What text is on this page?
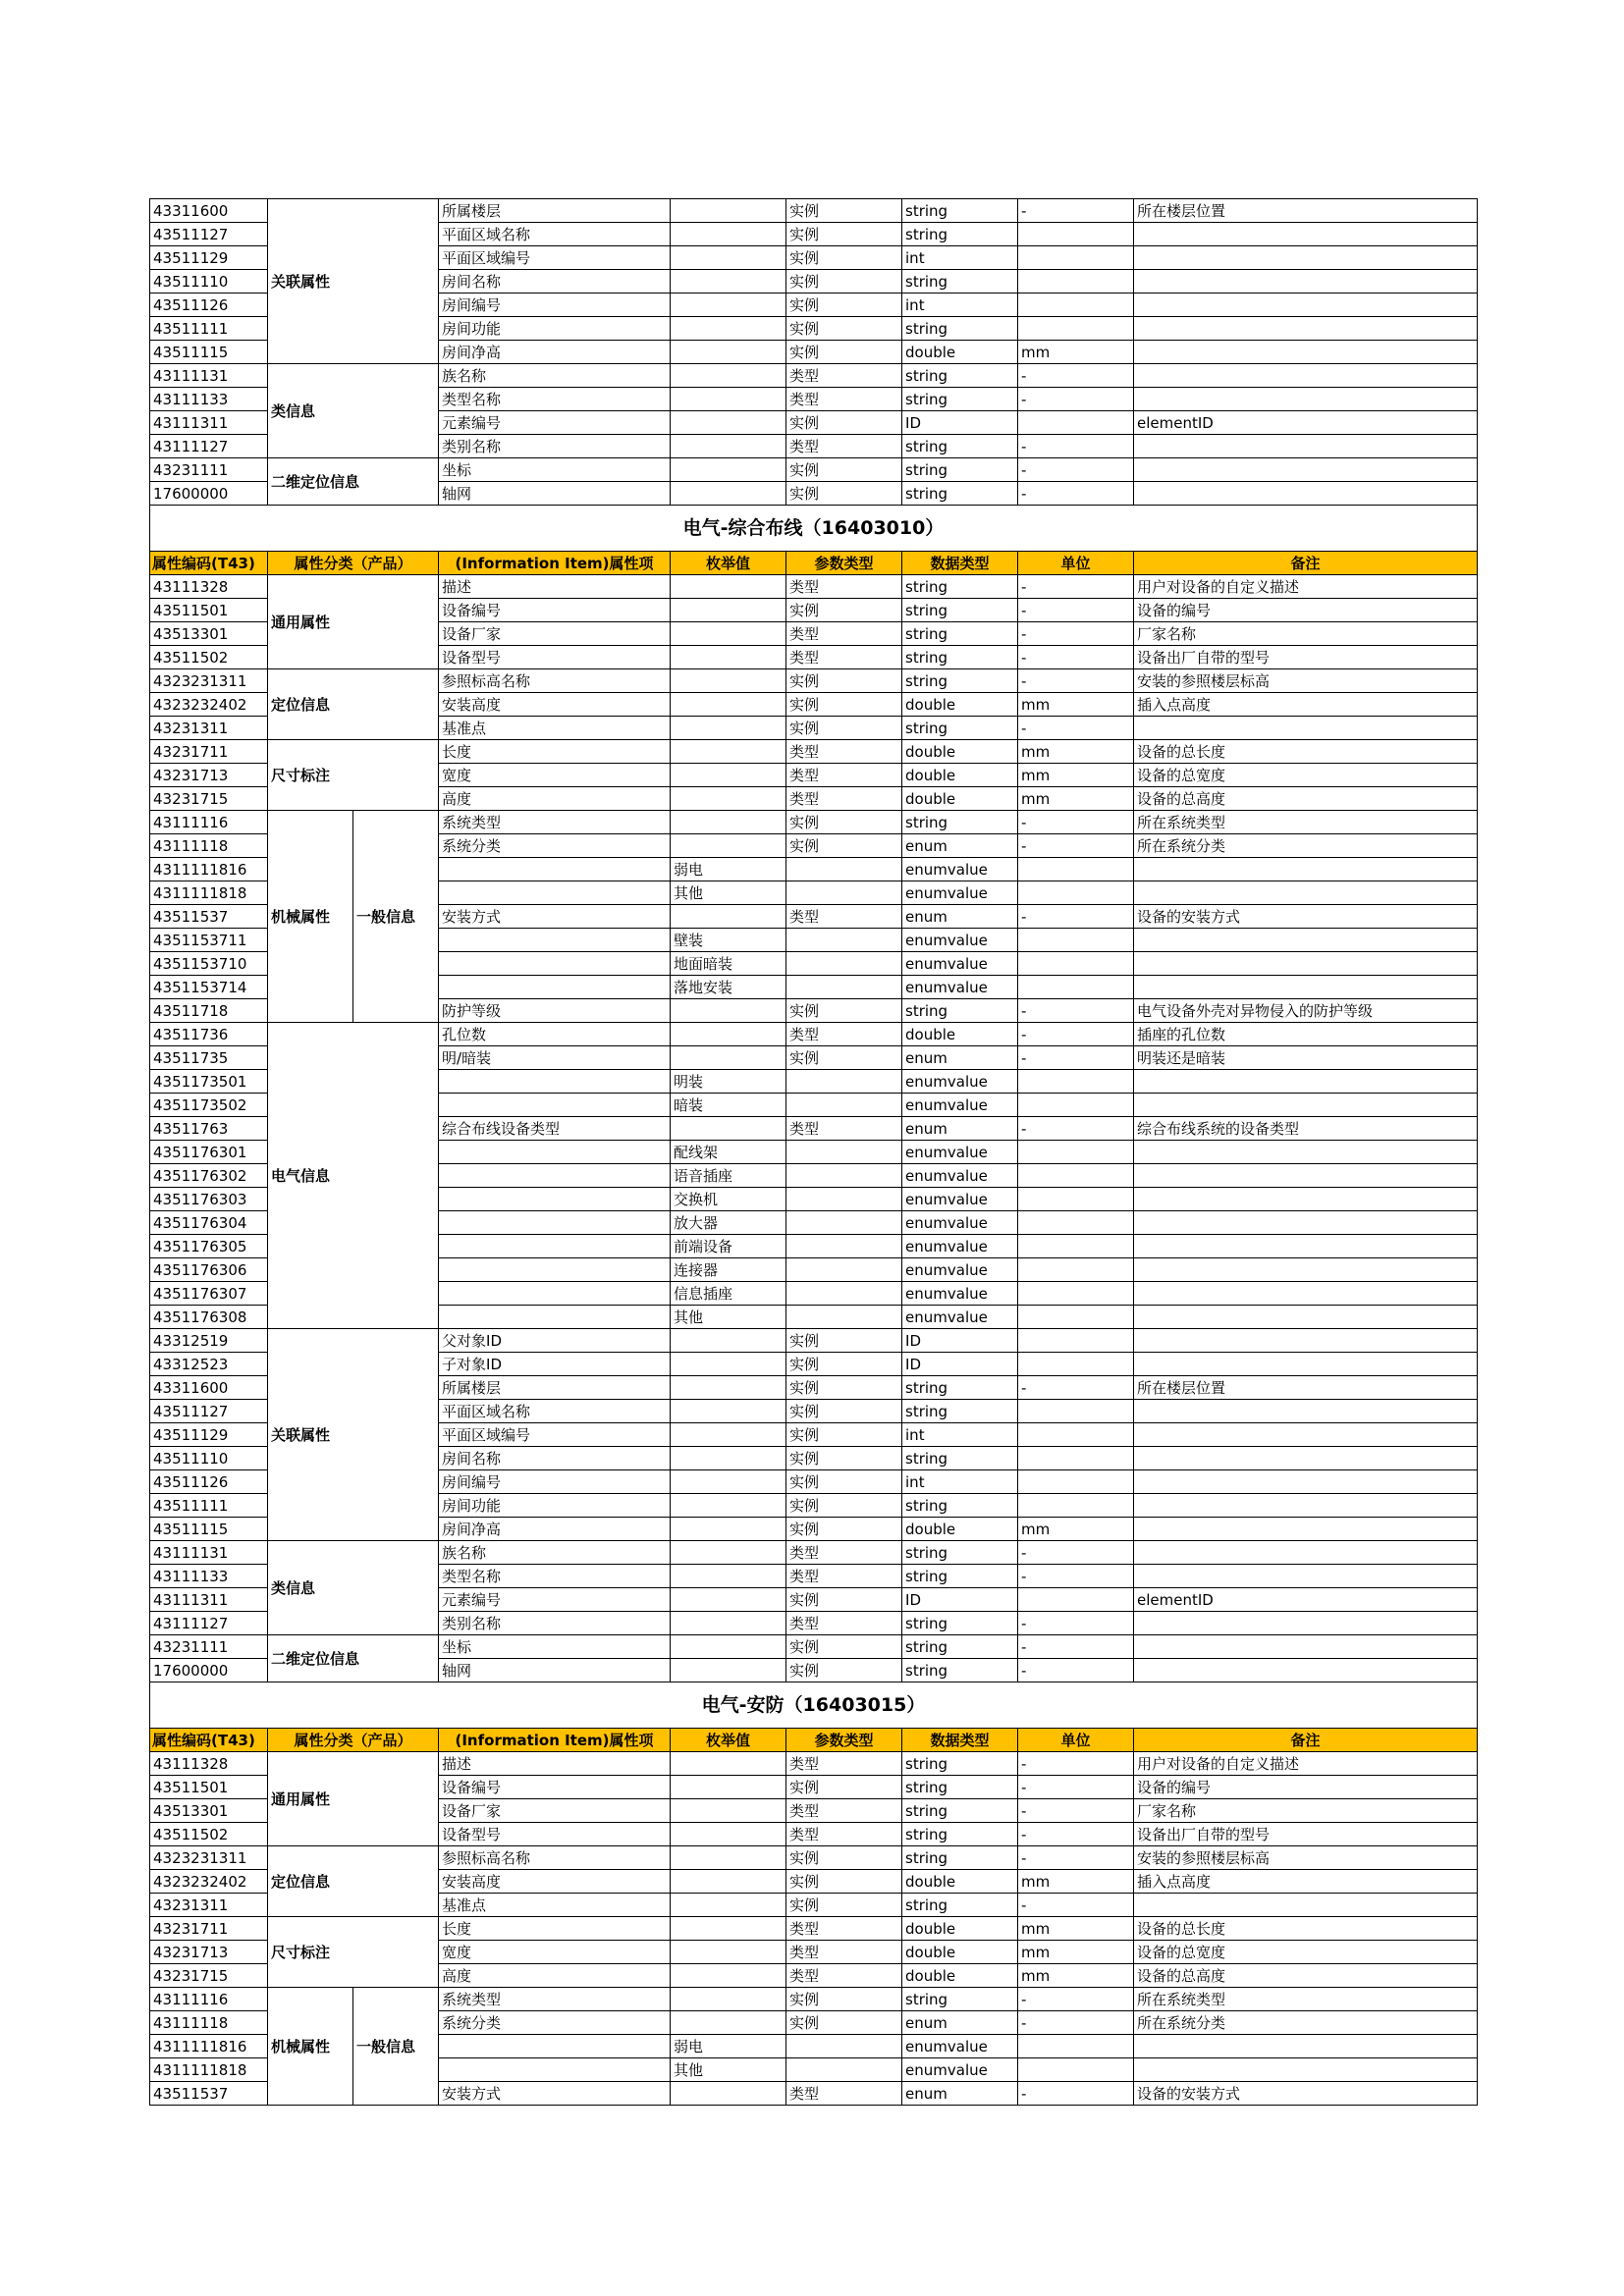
43311600	关联属性		所属楼层		实例	string	-	所在楼层位置
43511127			平面区域名称		实例	string		
43511129			平面区域编号		实例	int		
43511110			房间名称		实例	string		
43511126			房间编号		实例	int		
43511111			房间功能		实例	string		
43511115			房间净高		实例	double	mm	
43111131	类信息		族名称		类型	string	-	
43111133			类型名称		类型	string	-	
43111311			元素编号		实例	ID		elementID
43111127			类别名称		类型	string	-	
43231111	二维定位信息		坐标		实例	string	-	
17600000			轴网		实例	string	-	
电气-综合布线（16403010）								
属性编码(T43)	属性分类（产品）		(Information Item)属性项	枚举值	参数类型	数据类型	单位	备注
43111328	通用属性		描述		类型	string	-	用户对设备的自定义描述
43511501			设备编号		实例	string	-	设备的编号
43513301			设备厂家		类型	string	-	厂家名称
43511502			设备型号		类型	string	-	设备出厂自带的型号
4323231311	定位信息		参照标高名称		实例	string	-	安装的参照楼层标高
4323232402			安装高度		实例	double	mm	插入点高度
43231311			基准点		实例	string	-	
43231711	尺寸标注		长度		类型	double	mm	设备的总长度
43231713			宽度		类型	double	mm	设备的总宽度
43231715			高度		类型	double	mm	设备的总高度
43111116	机械属性	一般信息	系统类型		实例	string	-	所在系统类型
43111118			系统分类		实例	enum	-	所在系统分类
4311111816				弱电		enumvalue		
4311111818				其他		enumvalue		
43511537			安装方式		类型	enum	-	设备的安装方式
4351153711				壁装		enumvalue		
4351153710				地面暗装		enumvalue		
4351153714				落地安装		enumvalue		
43511718			防护等级		实例	string	-	电气设备外壳对异物侵入的防护等级
43511736	电气信息		孔位数		类型	double	-	插座的孔位数
43511735			明/暗装		实例	enum	-	明装还是暗装
4351173501				明装		enumvalue		
4351173502				暗装		enumvalue		
43511763			综合布线设备类型		类型	enum	-	综合布线系统的设备类型
4351176301				配线架		enumvalue		
4351176302				语音插座		enumvalue		
4351176303				交换机		enumvalue		
4351176304				放大器		enumvalue		
4351176305				前端设备		enumvalue		
4351176306				连接器		enumvalue		
4351176307				信息插座		enumvalue		
4351176308				其他		enumvalue		
43312519	关联属性		父对象ID		实例	ID		
43312523			子对象ID		实例	ID		
43311600			所属楼层		实例	string	-	所在楼层位置
43511127			平面区域名称		实例	string		
43511129			平面区域编号		实例	int		
43511110			房间名称		实例	string		
43511126			房间编号		实例	int		
43511111			房间功能		实例	string		
43511115			房间净高		实例	double	mm	
43111131	类信息		族名称		类型	string	-	
43111133			类型名称		类型	string	-	
43111311			元素编号		实例	ID		elementID
43111127			类别名称		类型	string	-	
43231111	二维定位信息		坐标		实例	string	-	
17600000			轴网		实例	string	-	
电气-安防（16403015）								
属性编码(T43)	属性分类（产品）		(Information Item)属性项	枚举值	参数类型	数据类型	单位	备注
43111328	通用属性		描述		类型	string	-	用户对设备的自定义描述
43511501			设备编号		实例	string	-	设备的编号
43513301			设备厂家		类型	string	-	厂家名称
43511502			设备型号		类型	string	-	设备出厂自带的型号
4323231311	定位信息		参照标高名称		实例	string	-	安装的参照楼层标高
4323232402			安装高度		实例	double	mm	插入点高度
43231311			基准点		实例	string	-	
43231711	尺寸标注		长度		类型	double	mm	设备的总长度
43231713			宽度		类型	double	mm	设备的总宽度
43231715			高度		类型	double	mm	设备的总高度
43111116	机械属性	一般信息	系统类型		实例	string	-	所在系统类型
43111118			系统分类		实例	enum	-	所在系统分类
4311111816				弱电		enumvalue		
4311111818				其他		enumvalue		
43511537			安装方式		类型	enum	-	设备的安装方式
